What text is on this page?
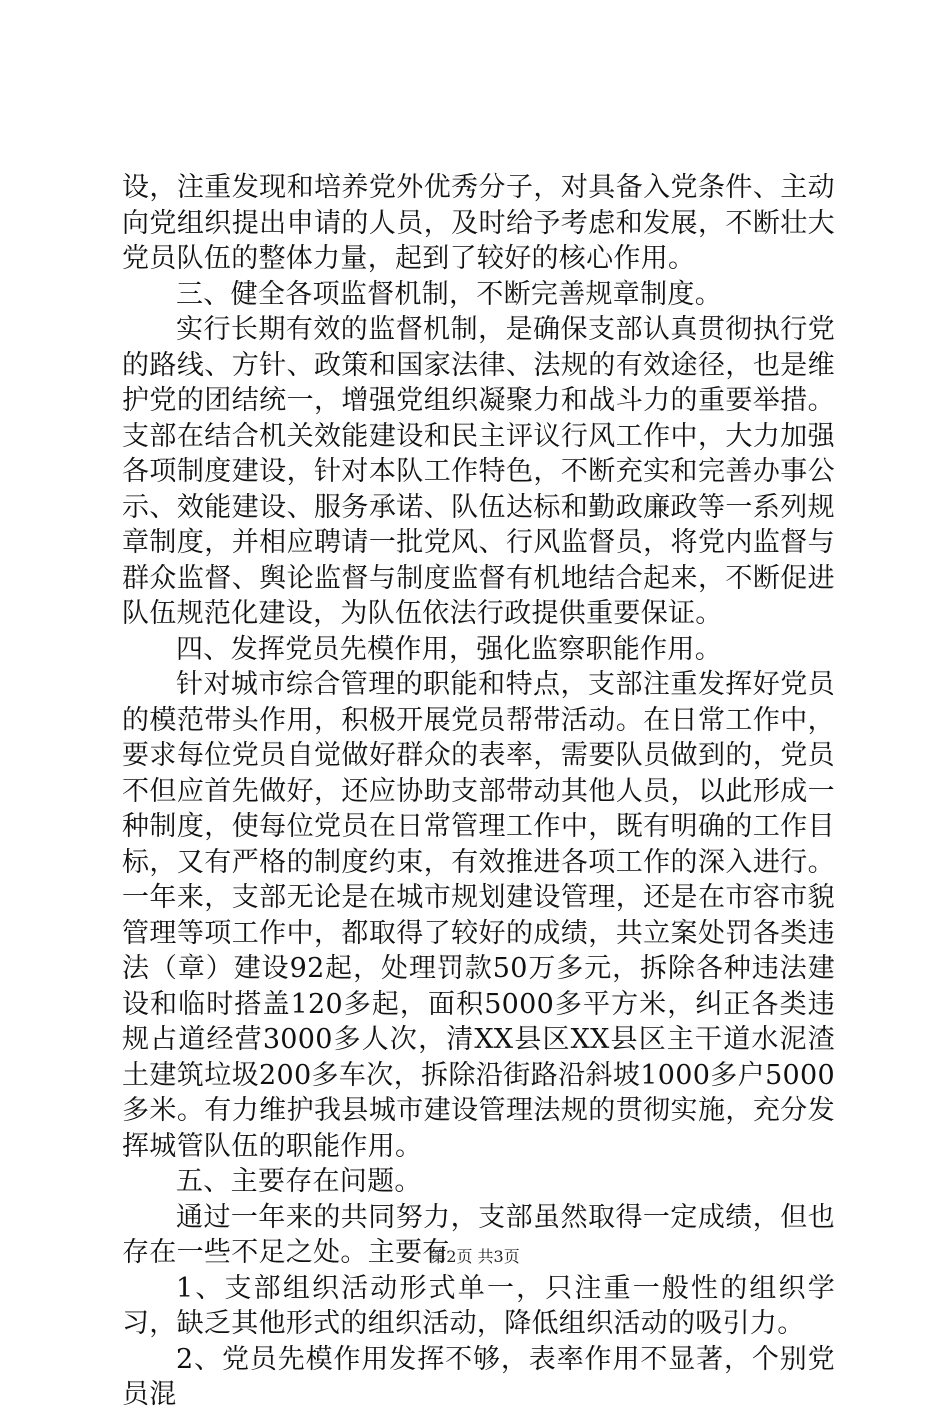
设，注重发现和培养党外优秀分子，对具备入党条件、主动向党组织提出申请的人员，及时给予考虑和发展，不断壮大党员队伍的整体力量，起到了较好的核心作用。

三、健全各项监督机制，不断完善规章制度。

实行长期有效的监督机制，是确保支部认真贯彻执行党的路线、方针、政策和国家法律、法规的有效途径，也是维护党的团结统一，增强党组织凝聚力和战斗力的重要举措。支部在结合机关效能建设和民主评议行风工作中，大力加强各项制度建设，针对本队工作特色，不断充实和完善办事公示、效能建设、服务承诺、队伍达标和勤政廉政等一系列规章制度，并相应聘请一批党风、行风监督员，将党内监督与群众监督、舆论监督与制度监督有机地结合起来，不断促进队伍规范化建设，为队伍依法行政提供重要保证。

四、发挥党员先模作用，强化监察职能作用。

针对城市综合管理的职能和特点，支部注重发挥好党员的模范带头作用，积极开展党员帮带活动。在日常工作中，要求每位党员自觉做好群众的表率，需要队员做到的，党员不但应首先做好，还应协助支部带动其他人员，以此形成一种制度，使每位党员在日常管理工作中，既有明确的工作目标，又有严格的制度约束，有效推进各项工作的深入进行。一年来，支部无论是在城市规划建设管理，还是在市容市貌管理等项工作中，都取得了较好的成绩，共立案处罚各类违法（章）建设92起，处理罚款50万多元，拆除各种违法建设和临时搭盖120多起，面积5000多平方米，纠正各类违规占道经营3000多人次，清XX县区XX县区主干道水泥渣土建筑垃圾200多车次，拆除沿街路沿斜坡1000多户5000多米。有力维护我县城市建设管理法规的贯彻实施，充分发挥城管队伍的职能作用。

五、主要存在问题。

通过一年来的共同努力，支部虽然取得一定成绩，但也存在一些不足之处。主要有

1、支部组织活动形式单一，只注重一般性的组织学习，缺乏其他形式的组织活动，降低组织活动的吸引力。

2、党员先模作用发挥不够，表率作用不显著，个别党员混

第2页 共3页
